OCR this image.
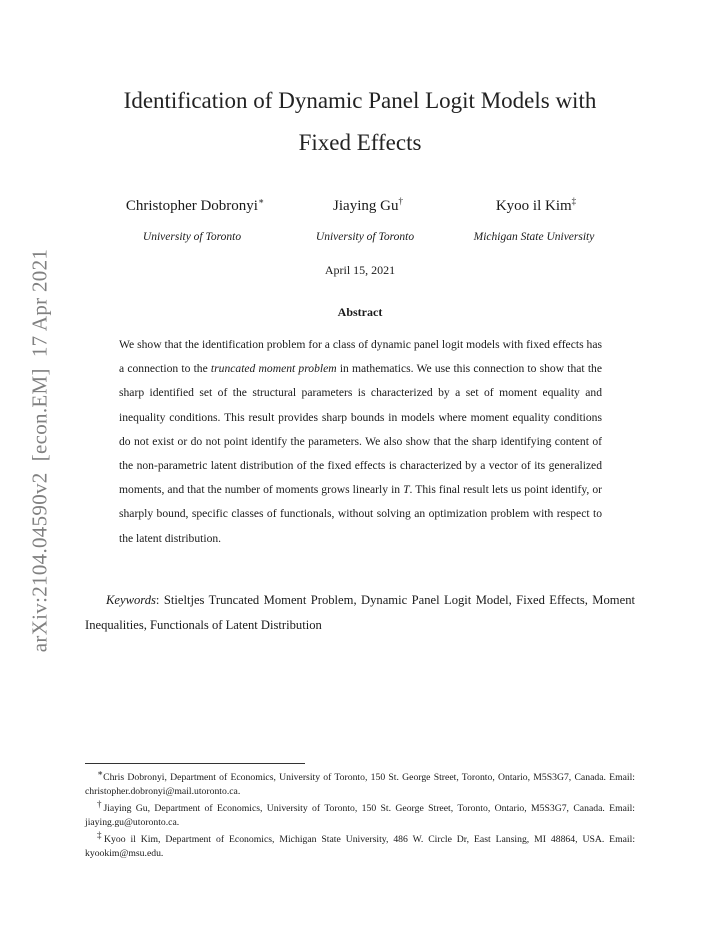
arXiv:2104.04590v2  [econ.EM]  17 Apr 2021
Identification of Dynamic Panel Logit Models with
Fixed Effects
Christopher Dobronyi∗	Jiaying Gu†	Kyoo il Kim‡
University of Toronto	University of Toronto	Michigan State University
April 15, 2021
Abstract
We show that the identification problem for a class of dynamic panel logit models with fixed effects has a connection to the truncated moment problem in mathematics. We use this connection to show that the sharp identified set of the structural parameters is characterized by a set of moment equality and inequality conditions. This result provides sharp bounds in models where moment equality conditions do not exist or do not point identify the parameters. We also show that the sharp identifying content of the non-parametric latent distribution of the fixed effects is characterized by a vector of its generalized moments, and that the number of moments grows linearly in T. This final result lets us point identify, or sharply bound, specific classes of functionals, without solving an optimization problem with respect to the latent distribution.
Keywords: Stieltjes Truncated Moment Problem, Dynamic Panel Logit Model, Fixed Effects, Moment Inequalities, Functionals of Latent Distribution

∗Chris Dobronyi, Department of Economics, University of Toronto, 150 St. George Street, Toronto, Ontario, M5S3G7, Canada. Email: christopher.dobronyi@mail.utoronto.ca.

†Jiaying Gu, Department of Economics, University of Toronto, 150 St. George Street, Toronto, Ontario, M5S3G7, Canada. Email: jiaying.gu@utoronto.ca.

‡Kyoo il Kim, Department of Economics, Michigan State University, 486 W. Circle Dr, East Lansing, MI 48864, USA. Email: kyookim@msu.edu.
